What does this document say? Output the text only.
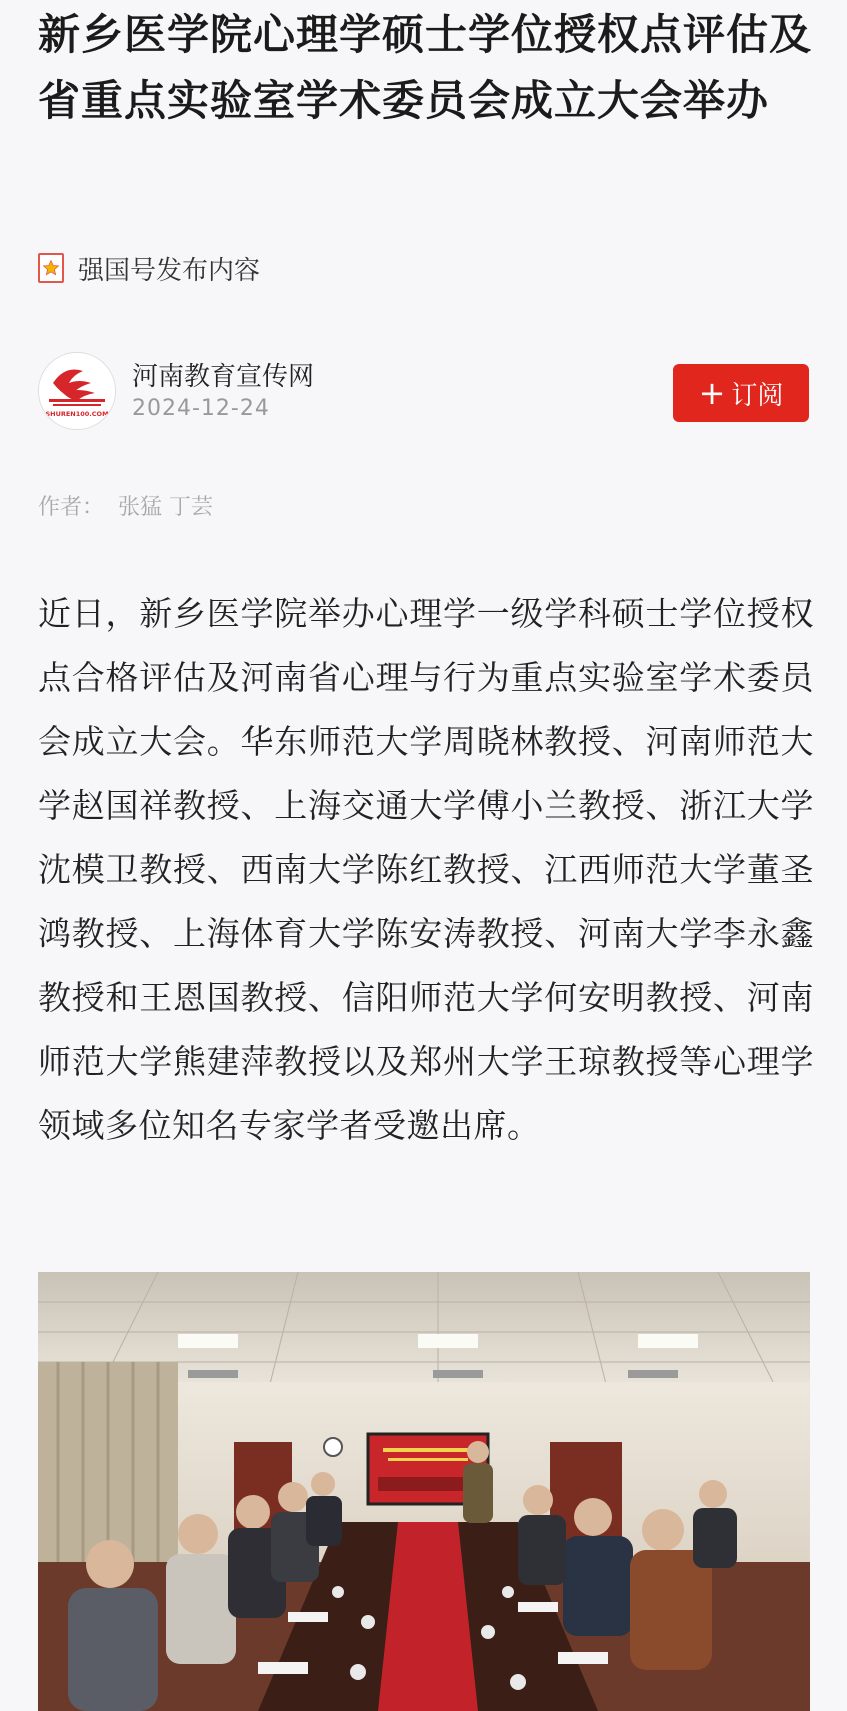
新乡医学院心理学硕士学位授权点评估及省重点实验室学术委员会成立大会举办
强国号发布内容
SHUREN100.COM
河南教育宣传网
2024-12-24	+ 订阅
作者： 张猛 丁芸

近日，新乡医学院举办心理学一级学科硕士学位授权点合格评估及河南省心理与行为重点实验室学术委员会成立大会。华东师范大学周晓林教授、河南师范大学赵国祥教授、上海交通大学傅小兰教授、浙江大学沈模卫教授、西南大学陈红教授、江西师范大学董圣鸿教授、上海体育大学陈安涛教授、河南大学李永鑫教授和王恩国教授、信阳师范大学何安明教授、河南师范大学熊建萍教授以及郑州大学王琼教授等心理学领域多位知名专家学者受邀出席。
